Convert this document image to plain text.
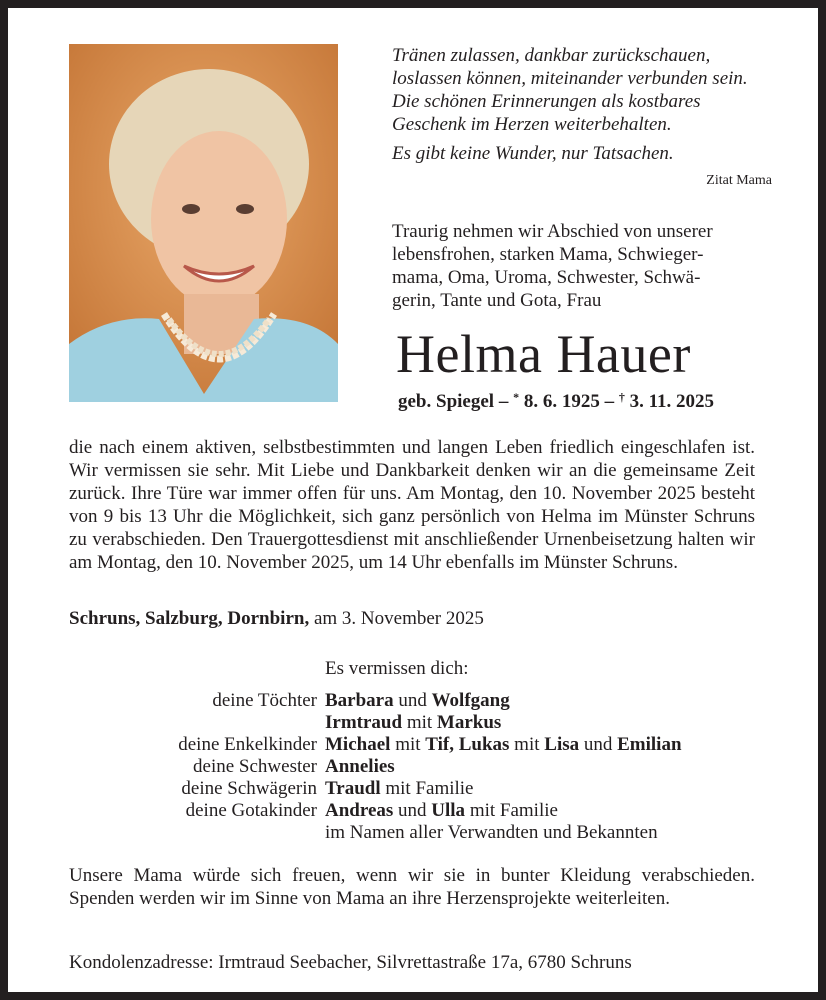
Tränen zulassen, dankbar zurückschauen,

loslassen können, miteinander verbunden sein.

Die schönen Erinnerungen als kostbares

Geschenk im Herzen weiterbehalten.

Es gibt keine Wunder, nur Tatsachen.

Zitat Mama

Traurig nehmen wir Abschied von unserer
lebensfrohen, starken Mama, Schwieger-
mama, Oma, Uroma, Schwester, Schwä-
gerin, Tante und Gota, Frau
Helma Hauer
geb. Spiegel – * 8. 6. 1925 – † 3. 11. 2025
die nach einem aktiven, selbstbestimmten und langen Leben friedlich eingeschlafen ist. Wir vermissen sie sehr. Mit Liebe und Dankbarkeit denken wir an die gemeinsame Zeit zurück. Ihre Türe war immer offen für uns. Am Montag, den 10. November 2025 besteht von 9 bis 13 Uhr die Möglichkeit, sich ganz persönlich von Helma im Münster Schruns zu verabschieden. Den Trauergottesdienst mit anschließender Urnenbeisetzung halten wir am Montag, den 10. November 2025, um 14 Uhr ebenfalls im Münster Schruns.
Schruns, Salzburg, Dornbirn, am 3. November 2025
Es vermissen dich:
deine Töchter Barbara und Wolfgang
Irmtraud mit Markus
deine Enkelkinder Michael mit Tif, Lukas mit Lisa und Emilian
deine Schwester Annelies
deine Schwägerin Traudl mit Familie
deine Gotakinder Andreas und Ulla mit Familie
im Namen aller Verwandten und Bekannten
Unsere Mama würde sich freuen, wenn wir sie in bunter Kleidung verabschieden. Spenden werden wir im Sinne von Mama an ihre Herzensprojekte weiterleiten.
Kondolenzadresse: Irmtraud Seebacher, Silvrettastraße 17a, 6780 Schruns
